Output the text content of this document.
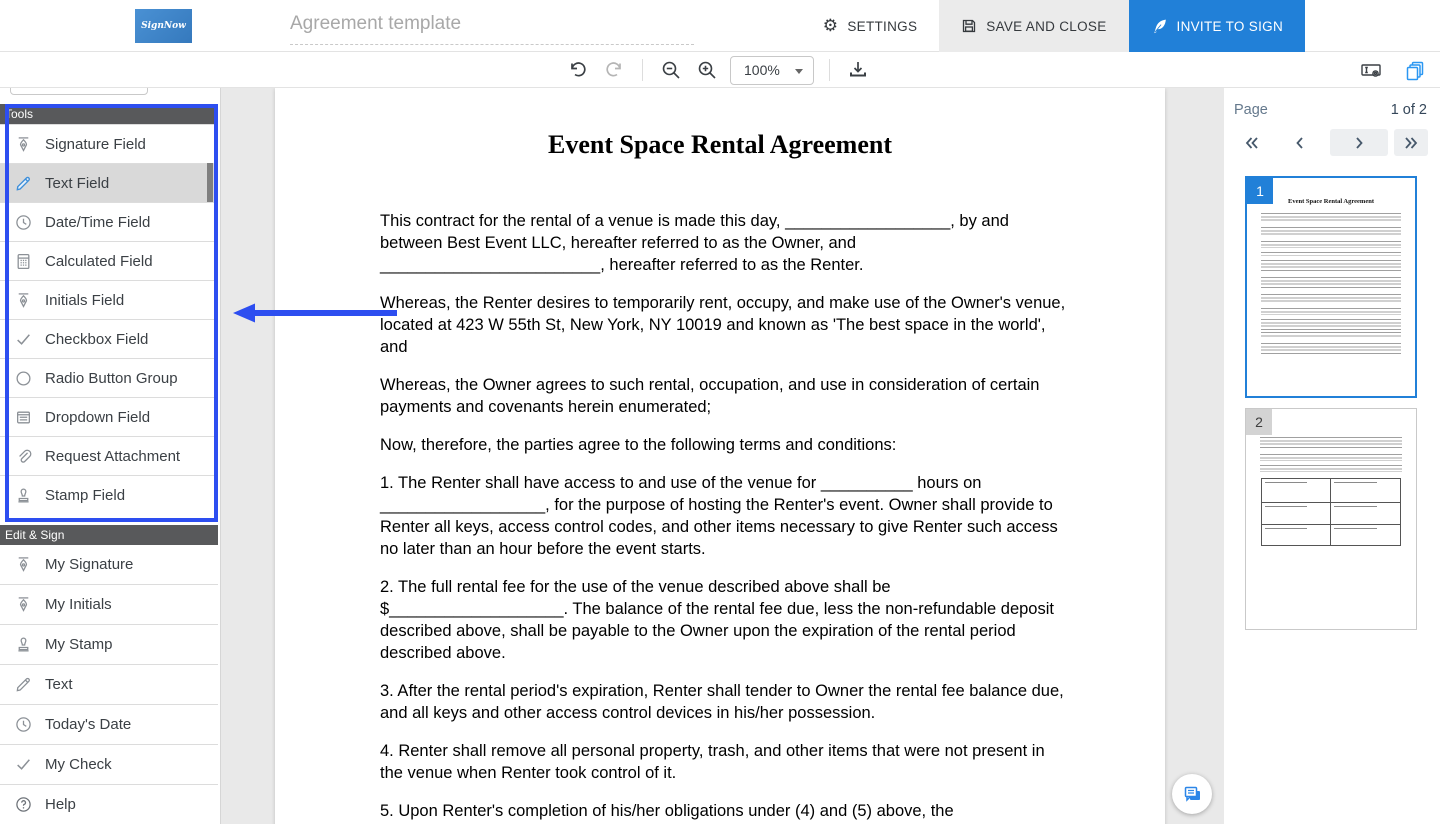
SignNow	Agreement template	⚙ SETTINGS	SAVE AND CLOSE	INVITE TO SIGN
100%
Tools
Signature Field
Text Field
Date/Time Field
Calculated Field
Initials Field
Checkbox Field
Radio Button Group
Dropdown Field
Request Attachment
Stamp Field
Edit & Sign
My Signature
My Initials
My Stamp
Text
Today's Date
My Check
Help
Event Space Rental Agreement

This contract for the rental of a venue is made this day, __________________, by and between Best Event LLC, hereafter referred to as the Owner, and ________________________, hereafter referred to as the Renter.

Whereas, the Renter desires to temporarily rent, occupy, and make use of the Owner's venue, located at 423 W 55th St, New York, NY 10019 and known as 'The best space in the world', and

Whereas, the Owner agrees to such rental, occupation, and use in consideration of certain payments and covenants herein enumerated;

Now, therefore, the parties agree to the following terms and conditions:

1. The Renter shall have access to and use of the venue for __________ hours on __________________, for the purpose of hosting the Renter's event. Owner shall provide to Renter all keys, access control codes, and other items necessary to give Renter such access no later than an hour before the event starts.

2. The full rental fee for the use of the venue described above shall be $___________________. The balance of the rental fee due, less the non-refundable deposit described above, shall be payable to the Owner upon the expiration of the rental period described above.

3. After the rental period's expiration, Renter shall tender to Owner the rental fee balance due, and all keys and other access control devices in his/her possession.

4. Renter shall remove all personal property, trash, and other items that were not present in the venue when Renter took control of it.

5. Upon Renter's completion of his/her obligations under (4) and (5) above, the

Page	1 of 2
1
Event Space Rental Agreement
2
